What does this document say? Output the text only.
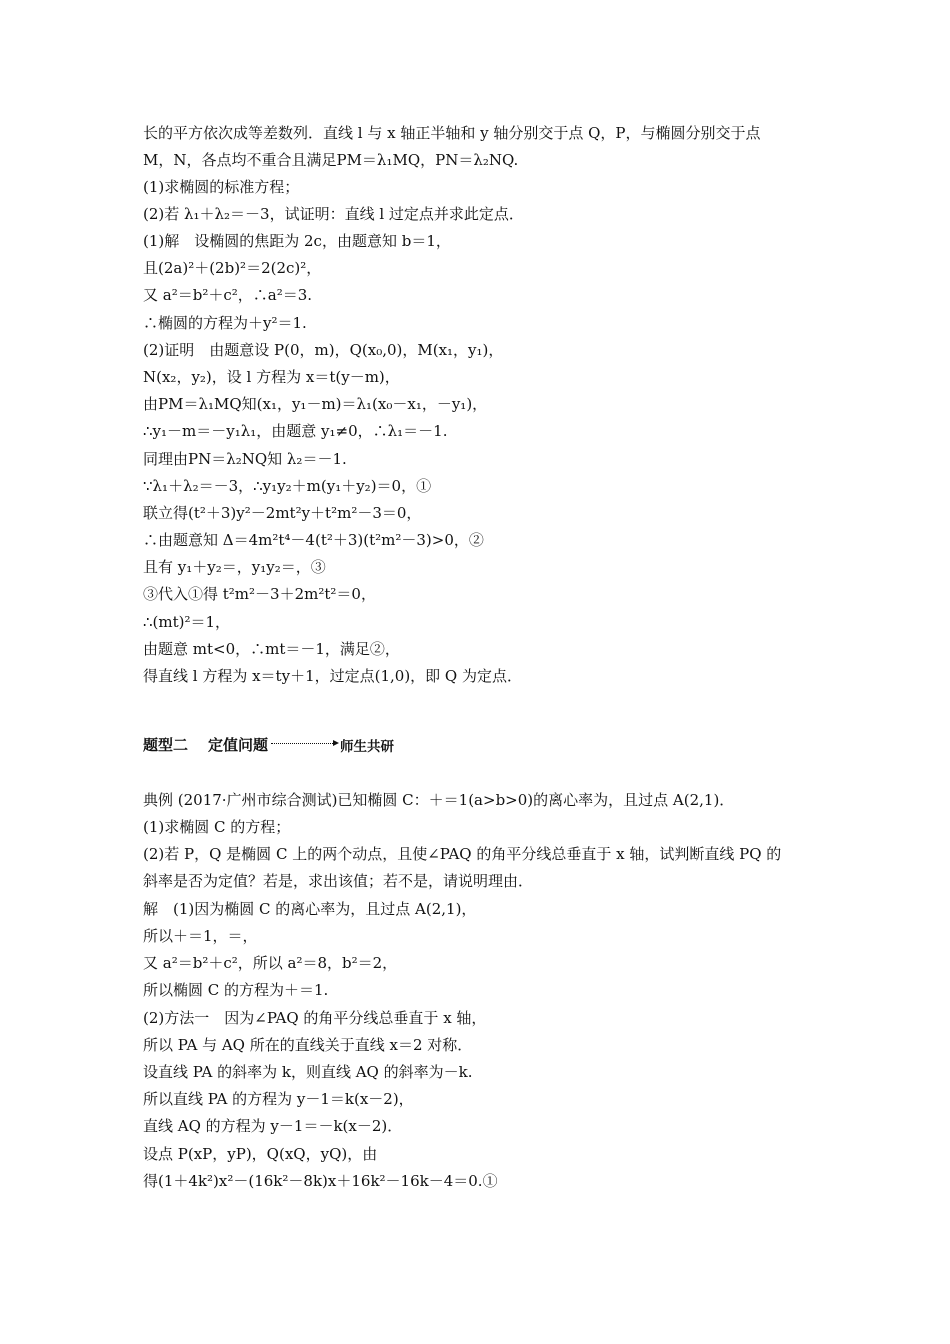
长的平方依次成等差数列．直线 l 与 x 轴正半轴和 y 轴分别交于点 Q，P，与椭圆分别交于点
M，N，各点均不重合且满足PM＝λ₁MQ，PN＝λ₂NQ.
(1)求椭圆的标准方程；
(2)若 λ₁＋λ₂＝－3，试证明：直线 l 过定点并求此定点．
(1)解　设椭圆的焦距为 2c，由题意知 b＝1，
且(2a)²＋(2b)²＝2(2c)²，
又 a²＝b²＋c²，∴a²＝3.
∴椭圆的方程为＋y²＝1.
(2)证明　由题意设 P(0，m)，Q(x₀,0)，M(x₁，y₁)，
N(x₂，y₂)，设 l 方程为 x＝t(y－m)，
由PM＝λ₁MQ知(x₁，y₁－m)＝λ₁(x₀－x₁，－y₁)，
∴y₁－m＝－y₁λ₁，由题意 y₁≠0，∴λ₁＝－1.
同理由PN＝λ₂NQ知 λ₂＝－1.
∵λ₁＋λ₂＝－3，∴y₁y₂＋m(y₁＋y₂)＝0，①
联立得(t²＋3)y²－2mt²y＋t²m²－3＝0，
∴由题意知 Δ＝4m²t⁴－4(t²＋3)(t²m²－3)>0，②
且有 y₁＋y₂＝，y₁y₂＝，③
③代入①得 t²m²－3＋2m²t²＝0，
∴(mt)²＝1，
由题意 mt<0，∴mt＝－1，满足②，
得直线 l 方程为 x＝ty＋1，过定点(1,0)，即 Q 为定点．
题型二 定值问题	师生共研
典例 (2017·广州市综合测试)已知椭圆 C：＋＝1(a>b>0)的离心率为，且过点 A(2,1)．
(1)求椭圆 C 的方程；
(2)若 P，Q 是椭圆 C 上的两个动点，且使∠PAQ 的角平分线总垂直于 x 轴，试判断直线 PQ 的
斜率是否为定值？若是，求出该值；若不是，请说明理由．
解　(1)因为椭圆 C 的离心率为，且过点 A(2,1)，
所以＋＝1，＝，
又 a²＝b²＋c²，所以 a²＝8，b²＝2，
所以椭圆 C 的方程为＋＝1.
(2)方法一　因为∠PAQ 的角平分线总垂直于 x 轴，
所以 PA 与 AQ 所在的直线关于直线 x＝2 对称．
设直线 PA 的斜率为 k，则直线 AQ 的斜率为－k.
所以直线 PA 的方程为 y－1＝k(x－2)，
直线 AQ 的方程为 y－1＝－k(x－2)．
设点 P(xP，yP)，Q(xQ，yQ)，由
得(1＋4k²)x²－(16k²－8k)x＋16k²－16k－4＝0.①
